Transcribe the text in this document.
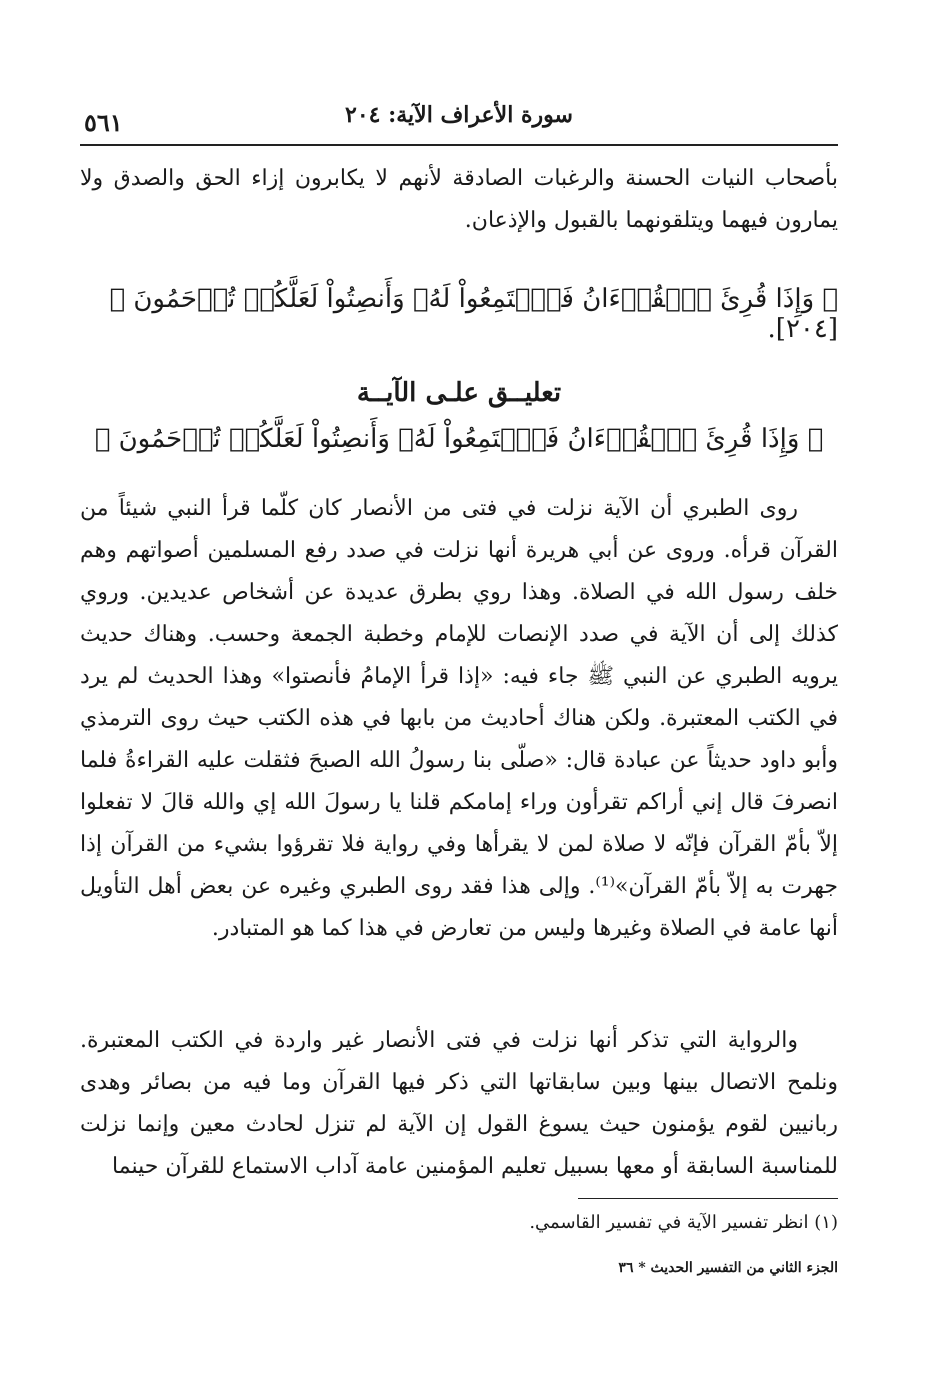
سورة الأعراف الآية: ٢٠٤
٥٦١
بأصحاب النيات الحسنة والرغبات الصادقة لأنهم لا يكابرون إزاء الحق والصدق ولا يمارون فيهما ويتلقونهما بالقبول والإذعان.
﴿ وَإِذَا قُرِئَ ٱلۡقُرۡءَانُ فَٱسۡتَمِعُواْ لَهُۥ وَأَنصِتُواْ لَعَلَّكُمۡ تُرۡحَمُونَ ﴾ [٢٠٤].
تعليــق علـى الآيــة
﴿ وَإِذَا قُرِئَ ٱلۡقُرۡءَانُ فَٱسۡتَمِعُواْ لَهُۥ وَأَنصِتُواْ لَعَلَّكُمۡ تُرۡحَمُونَ ﴾
روى الطبري أن الآية نزلت في فتى من الأنصار كان كلّما قرأ النبي شيئاً من القرآن قرأه. وروى عن أبي هريرة أنها نزلت في صدد رفع المسلمين أصواتهم وهم خلف رسول الله في الصلاة. وهذا روي بطرق عديدة عن أشخاص عديدين. وروي كذلك إلى أن الآية في صدد الإنصات للإمام وخطبة الجمعة وحسب. وهناك حديث يرويه الطبري عن النبي ﷺ جاء فيه: «إذا قرأ الإمامُ فأنصتوا» وهذا الحديث لم يرد في الكتب المعتبرة. ولكن هناك أحاديث من بابها في هذه الكتب حيث روى الترمذي وأبو داود حديثاً عن عبادة قال: «صلّى بنا رسولُ الله الصبحَ فثقلت عليه القراءةُ فلما انصرفَ قال إني أراكم تقرأون وراء إمامكم قلنا يا رسولَ الله إي والله قالَ لا تفعلوا إلاّ بأمّ القرآن فإنّه لا صلاة لمن لا يقرأها وفي رواية فلا تقرؤوا بشيء من القرآن إذا جهرت به إلاّ بأمّ القرآن»⁽¹⁾. وإلى هذا فقد روى الطبري وغيره عن بعض أهل التأويل أنها عامة في الصلاة وغيرها وليس من تعارض في هذا كما هو المتبادر.
والرواية التي تذكر أنها نزلت في فتى الأنصار غير واردة في الكتب المعتبرة. ونلمح الاتصال بينها وبين سابقاتها التي ذكر فيها القرآن وما فيه من بصائر وهدى ربانيين لقوم يؤمنون حيث يسوغ القول إن الآية لم تنزل لحادث معين وإنما نزلت للمناسبة السابقة أو معها بسبيل تعليم المؤمنين عامة آداب الاستماع للقرآن حينما
(١) انظر تفسير الآية في تفسير القاسمي.
الجزء الثاني من التفسير الحديث * ٣٦
